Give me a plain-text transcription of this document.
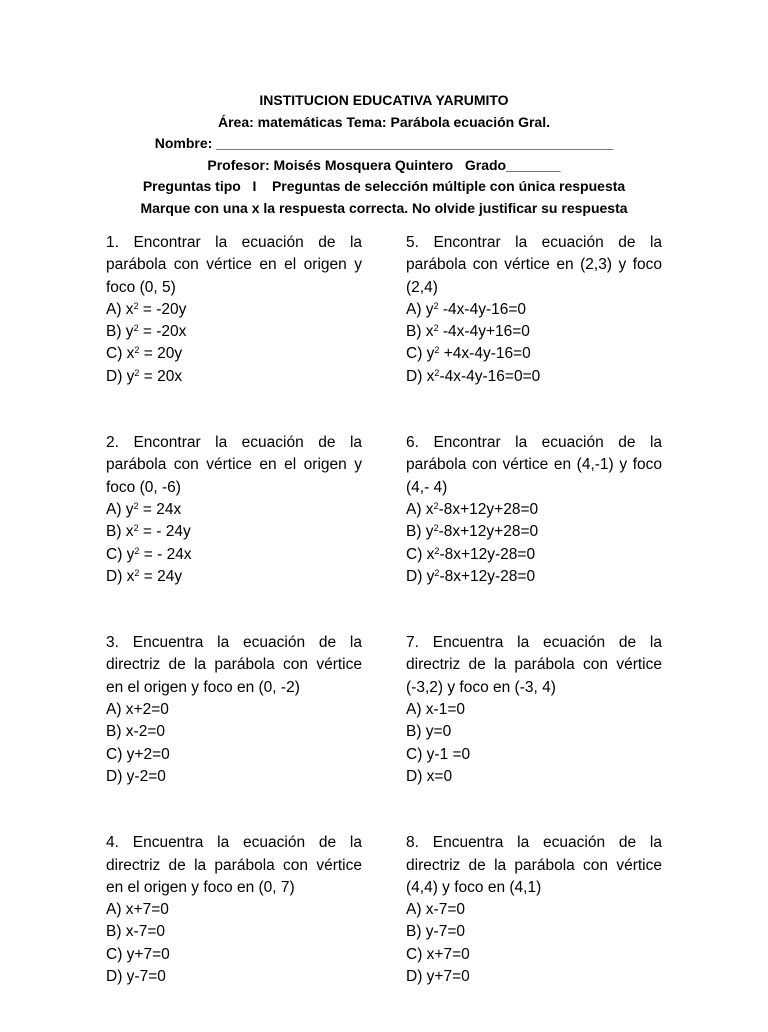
INSTITUCION EDUCATIVA YARUMITO
Área: matemáticas Tema: Parábola ecuación Gral.
Nombre: ___________________________________________________
Profesor: Moisés Mosquera Quintero   Grado_______
Preguntas tipo   I    Preguntas de selección múltiple con única respuesta
Marque con una x la respuesta correcta. No olvide justificar su respuesta
1. Encontrar la ecuación de la parábola con vértice en el origen y foco (0, 5)
A) $x^2 = -20y$
B) $y^2 = -20x$
C) $x^2 = 20y$
D) $y^2 = 20x$
2. Encontrar la ecuación de la parábola con vértice en el origen y foco (0, -6)
A) $y^2 = 24x$
B) $x^2$ = - 24y
C) $y^2$ = - 24x
D) $x^2 = 24y$
3. Encuentra la ecuación de la directriz de la parábola con vértice en el origen y foco en (0, -2)
A) x+2=0
B) x-2=0
C) y+2=0
D) y-2=0
4. Encuentra la ecuación de la directriz de la parábola con vértice en el origen y foco en (0, 7)
A) x+7=0
B) x-7=0
C) y+7=0
D) y-7=0
5. Encontrar la ecuación de la parábola con vértice en (2,3) y foco (2,4)
A) $y^2$ -4x-4y-16=0
B) $x^2$ -4x-4y+16=0
C) $y^2 +4x-4y-16=0$
D) $x^2-4x-4y-16=0=0$
6. Encontrar la ecuación de la parábola con vértice en (4,-1) y foco (4,- 4)
A) $x^2-8x+12y+28=0$
B) $y^2-8x+12y+28=0$
C) $x^2-8x+12y-28=0$
D) $y^2-8x+12y-28=0$
7. Encuentra la ecuación de la directriz de la parábola con vértice (-3,2) y foco en (-3, 4)
A) x-1=0
B) y=0
C) y-1 =0
D) x=0
8. Encuentra la ecuación de la directriz de la parábola con vértice (4,4) y foco en (4,1)
A) x-7=0
B) y-7=0
C) x+7=0
D) y+7=0
